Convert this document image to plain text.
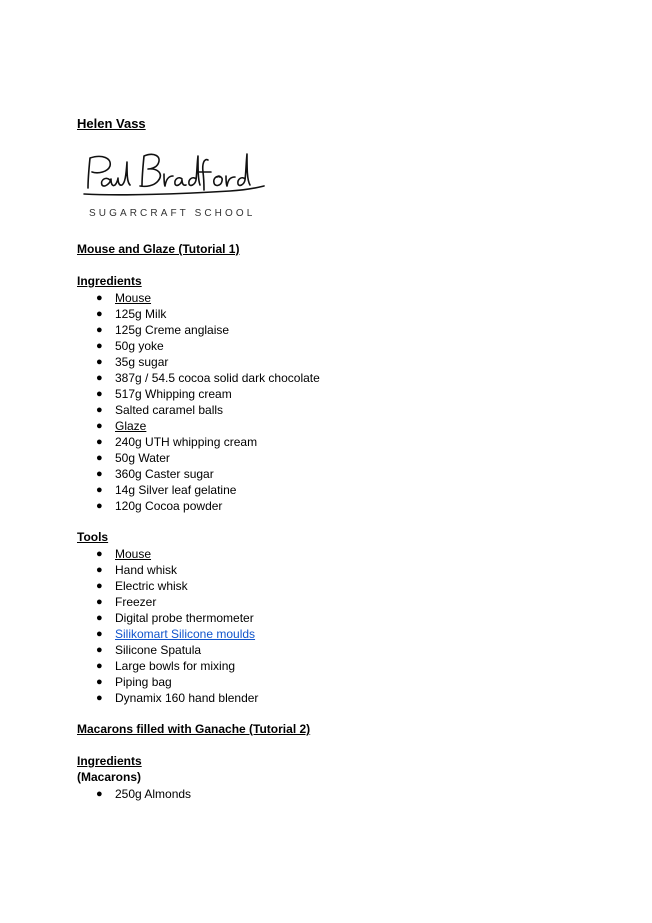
Helen Vass
SUGARCRAFT SCHOOL
Mouse and Glaze (Tutorial 1)
Ingredients
● Mouse
● 125g Milk
● 125g Creme anglaise
● 50g yoke
● 35g sugar
● 387g / 54.5 cocoa solid dark chocolate
● 517g Whipping cream
● Salted caramel balls
● Glaze
● 240g UTH whipping cream
● 50g Water
● 360g Caster sugar
● 14g Silver leaf gelatine
● 120g Cocoa powder
Tools
● Mouse
● Hand whisk
● Electric whisk
● Freezer
● Digital probe thermometer
● Silikomart Silicone moulds
● Silicone Spatula
● Large bowls for mixing
● Piping bag
● Dynamix 160 hand blender
Macarons filled with Ganache (Tutorial 2)
Ingredients
(Macarons)
● 250g Almonds
